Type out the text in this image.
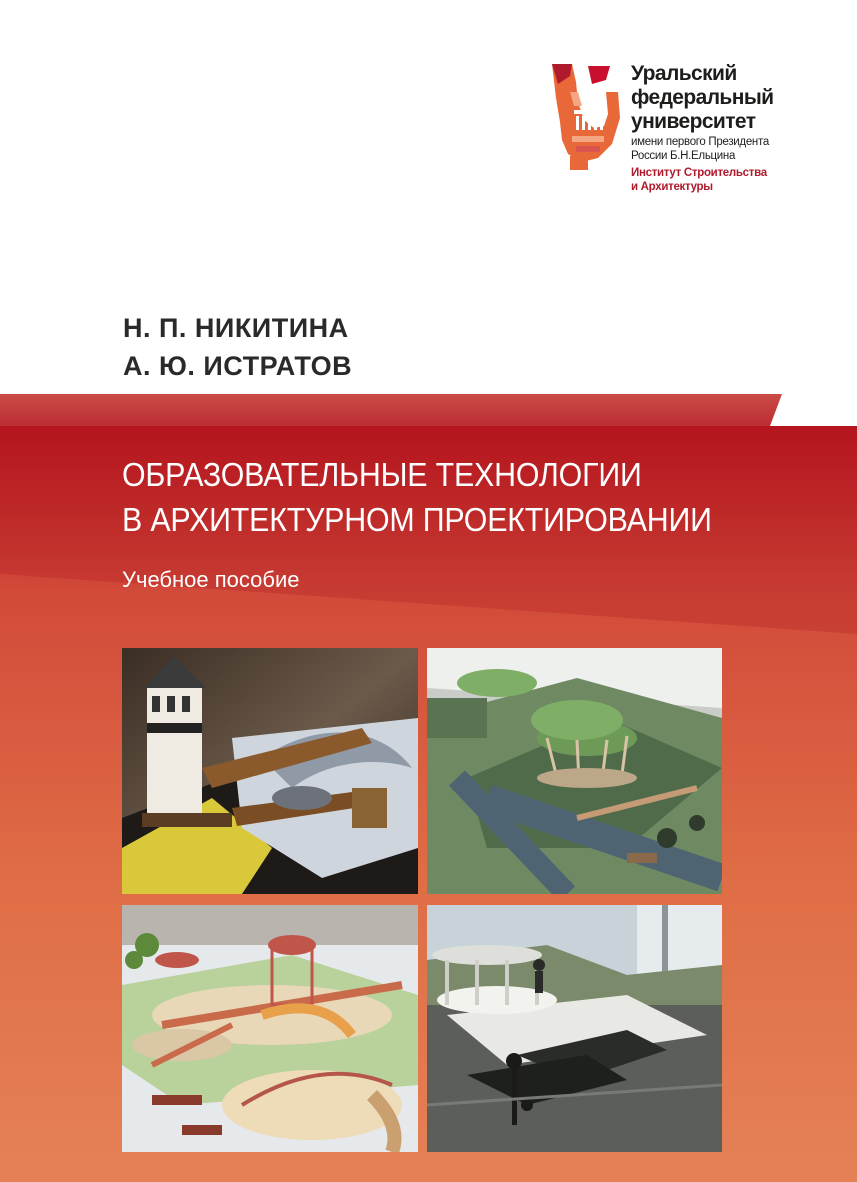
Уральский
федеральный
университет
имени первого Президента
России Б.Н.Ельцина
Институт Строительства
и Архитектуры
Н. П. НИКИТИНА
А. Ю. ИСТРАТОВ
ОБРАЗОВАТЕЛЬНЫЕ ТЕХНОЛОГИИ
В АРХИТЕКТУРНОМ ПРОЕКТИРОВАНИИ
Учебное пособие
